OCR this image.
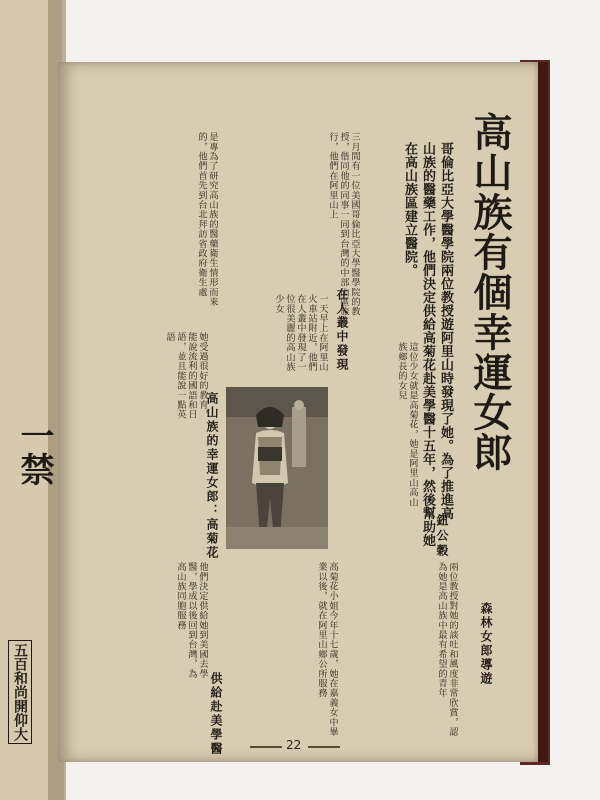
一禁
五百和尚開仰大
高山族有個幸運女郎
哥倫比亞大學醫學院兩位教授遊阿里山時發現了她。為了推進高
山族的醫藥工作，他們決定供給高菊花赴美學醫十五年，然後幫助她
在高山族區建立醫院。
鈕公穀
三月間有一位美國哥倫比亞大學醫學院的教授，偕同他的同事一同到台灣的中部山區旅行，他們在阿里山上
是專為了研究高山族的醫藥衛生情形而來的，他們首先到台北拜訪省政府衛生處
在人叢中發現
一天早上在阿里山火車站附近，他們在人叢中發現了一位很美麗的高山族少女
她受過很好的教育，能說流利的國語和日語，並且能說一點英語
高山族的幸運女郎：高菊花	這位少女就是高菊花，她是阿里山高山族鄉長的女兒
高菊花小姐今年十七歲，她在嘉義女中畢業以後，就在阿里山鄉公所服務	兩位教授對她的談吐和風度非常欣賞，認為她是高山族中最有希望的青年
他們決定供給她到美國去學醫，學成以後回到台灣，為高山族同胞服務
森林女郎導遊
供給赴美學醫	22
